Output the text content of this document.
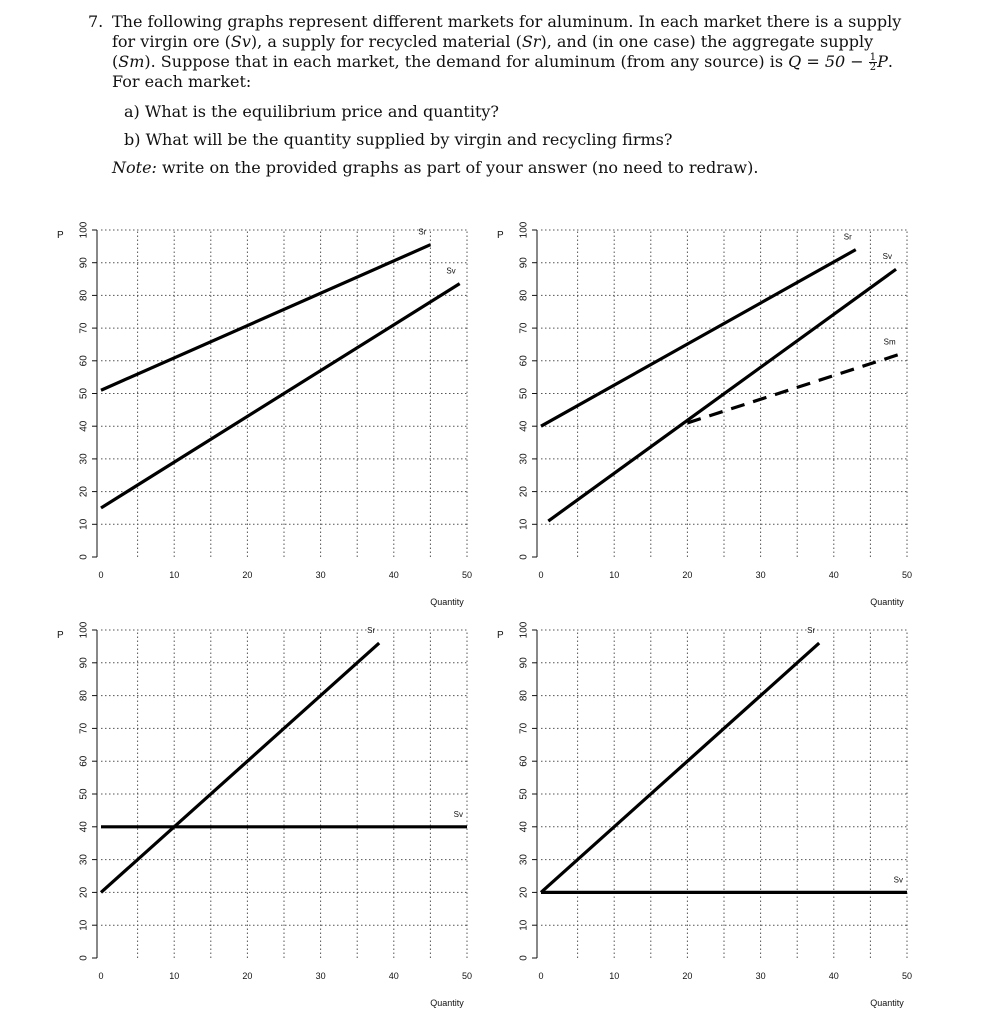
7. The following graphs represent different markets for aluminum. In each market there is a supply for virgin ore (Sv), a supply for recycled material (Sr), and (in one case) the aggregate supply (Sm). Suppose that in each market, the demand for aluminum (from any source) is $Q = 50 - \frac{1}{2} P$. For each market:
a) What is the equilibrium price and quantity?
b) What will be the quantity supplied by virgin and recycling firms?
Note: write on the provided graphs as part of your answer (no need to redraw).
0
10
20
30
40
50
60
70
80
90
100
0	10	20	30	40	50
P
Quantity
Sr
Sv
0
10
20
30
40
50
60
70
80
90
100
0	10	20	30	40	50
P
Quantity
Sr
Sv
Sm
0
10
20
30
40
50
60
70
80
90
100
0	10	20	30	40	50
P
Quantity
Sr
Sv
0
10
20
30
40
50
60
70
80
90
100
0	10	20	30	40	50
P
Quantity
Sr
Sv
